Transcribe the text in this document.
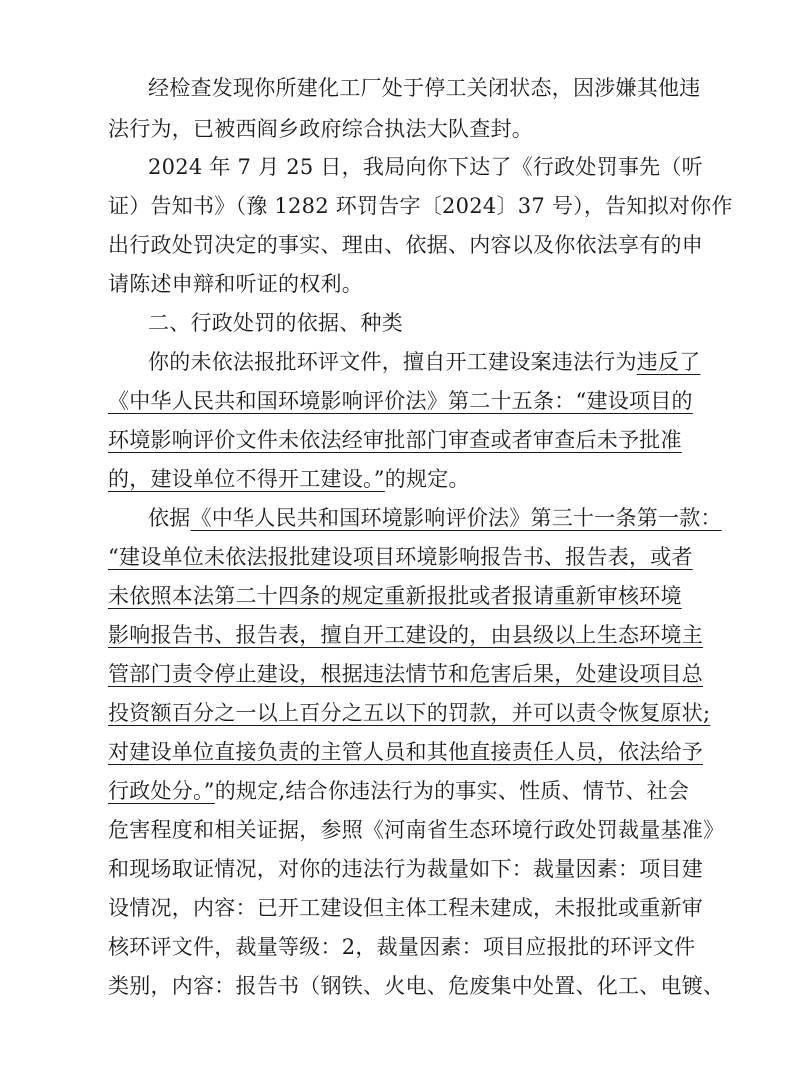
经检查发现你所建化工厂处于停工关闭状态，因涉嫌其他违
法行为，已被西阎乡政府综合执法大队查封。
2024 年 7 月 25 日，我局向你下达了《行政处罚事先（听
证）告知书》（豫 1282 环罚告字〔2024〕37 号），告知拟对你作
出行政处罚决定的事实、理由、依据、内容以及你依法享有的申
请陈述申辩和听证的权利。
二、行政处罚的依据、种类
你的未依法报批环评文件，擅自开工建设案违法行为违反了
《中华人民共和国环境影响评价法》第二十五条：“建设项目的
环境影响评价文件未依法经审批部门审查或者审查后未予批准
的，建设单位不得开工建设。”的规定。
依据《中华人民共和国环境影响评价法》第三十一条第一款：
“建设单位未依法报批建设项目环境影响报告书、报告表，或者
未依照本法第二十四条的规定重新报批或者报请重新审核环境
影响报告书、报告表，擅自开工建设的，由县级以上生态环境主
管部门责令停止建设，根据违法情节和危害后果，处建设项目总
投资额百分之一以上百分之五以下的罚款，并可以责令恢复原状;
对建设单位直接负责的主管人员和其他直接责任人员，依法给予
行政处分。”的规定,结合你违法行为的事实、性质、情节、社会
危害程度和相关证据，参照《河南省生态环境行政处罚裁量基准》
和现场取证情况，对你的违法行为裁量如下：裁量因素：项目建
设情况，内容：已开工建设但主体工程未建成，未报批或重新审
核环评文件，裁量等级：2，裁量因素：项目应报批的环评文件
类别，内容：报告书（钢铁、火电、危废集中处置、化工、电镀、
